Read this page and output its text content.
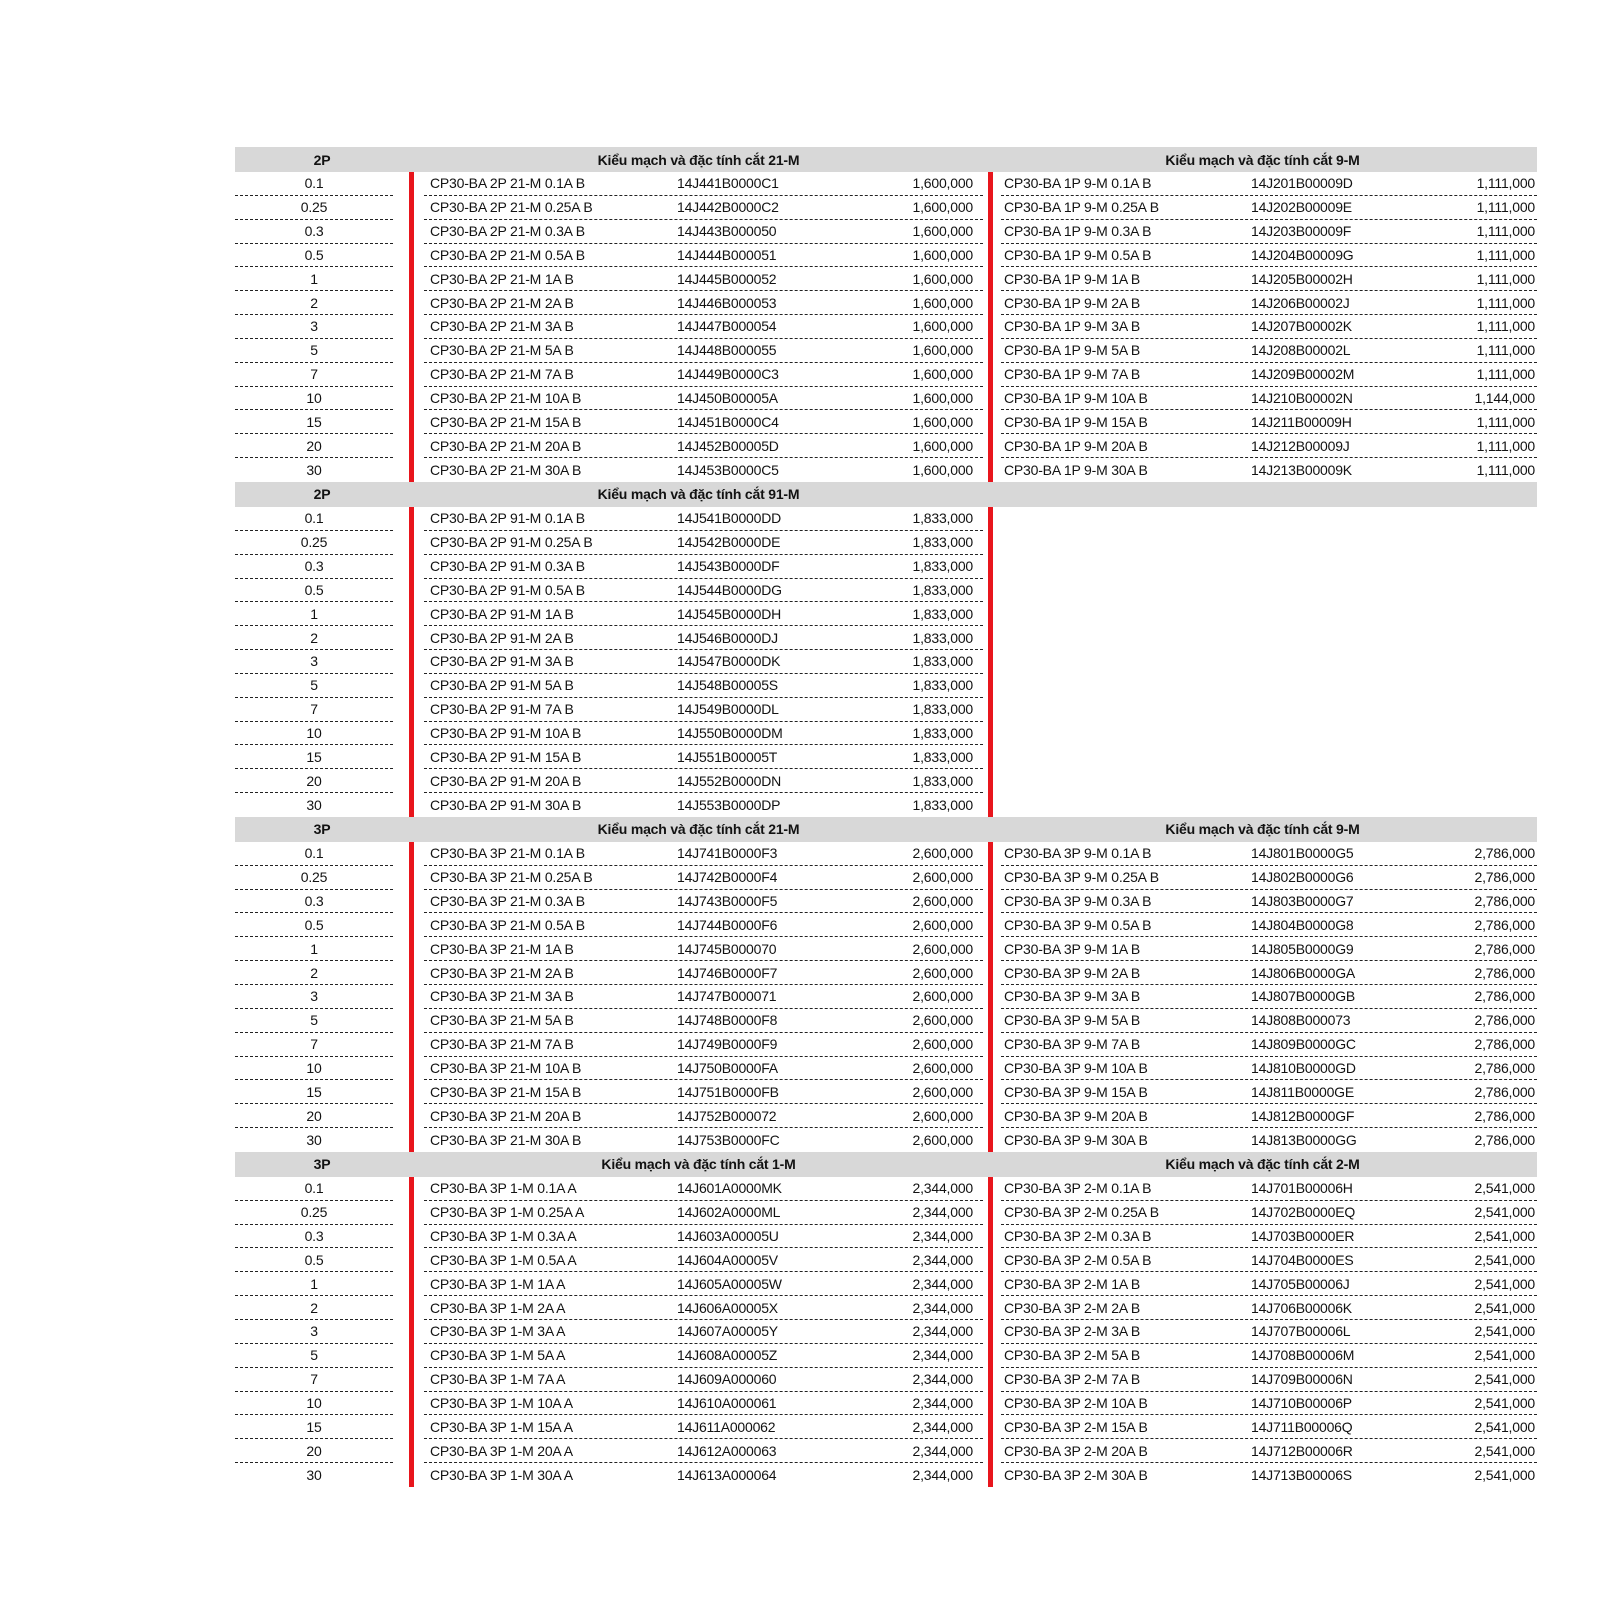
2P	Kiểu mạch và đặc tính cắt 21-M	Kiểu mạch và đặc tính cắt 9-M
0.1	CP30-BA 2P 21-M 0.1A B	14J441B0000C1	1,600,000 CP30-BA 1P 9-M 0.1A B	14J201B00009D	1,111,000
0.25	CP30-BA 2P 21-M 0.25A B	14J442B0000C2	1,600,000 CP30-BA 1P 9-M 0.25A B	14J202B00009E	1,111,000
0.3	CP30-BA 2P 21-M 0.3A B	14J443B000050	1,600,000 CP30-BA 1P 9-M 0.3A B	14J203B00009F	1,111,000
0.5	CP30-BA 2P 21-M 0.5A B	14J444B000051	1,600,000 CP30-BA 1P 9-M 0.5A B	14J204B00009G	1,111,000
1	CP30-BA 2P 21-M 1A B	14J445B000052	1,600,000 CP30-BA 1P 9-M 1A B	14J205B00002H	1,111,000
2	CP30-BA 2P 21-M 2A B	14J446B000053	1,600,000 CP30-BA 1P 9-M 2A B	14J206B00002J	1,111,000
3	CP30-BA 2P 21-M 3A B	14J447B000054	1,600,000 CP30-BA 1P 9-M 3A B	14J207B00002K	1,111,000
5	CP30-BA 2P 21-M 5A B	14J448B000055	1,600,000 CP30-BA 1P 9-M 5A B	14J208B00002L	1,111,000
7	CP30-BA 2P 21-M 7A B	14J449B0000C3	1,600,000 CP30-BA 1P 9-M 7A B	14J209B00002M	1,111,000
10	CP30-BA 2P 21-M 10A B	14J450B00005A	1,600,000 CP30-BA 1P 9-M 10A B	14J210B00002N	1,144,000
15	CP30-BA 2P 21-M 15A B	14J451B0000C4	1,600,000 CP30-BA 1P 9-M 15A B	14J211B00009H	1,111,000
20	CP30-BA 2P 21-M 20A B	14J452B00005D	1,600,000 CP30-BA 1P 9-M 20A B	14J212B00009J	1,111,000
30	CP30-BA 2P 21-M 30A B	14J453B0000C5	1,600,000 CP30-BA 1P 9-M 30A B	14J213B00009K	1,111,000
2P	Kiểu mạch và đặc tính cắt 91-M
0.1	CP30-BA 2P 91-M 0.1A B	14J541B0000DD	1,833,000
0.25	CP30-BA 2P 91-M 0.25A B	14J542B0000DE	1,833,000
0.3	CP30-BA 2P 91-M 0.3A B	14J543B0000DF	1,833,000
0.5	CP30-BA 2P 91-M 0.5A B	14J544B0000DG	1,833,000
1	CP30-BA 2P 91-M 1A B	14J545B0000DH	1,833,000
2	CP30-BA 2P 91-M 2A B	14J546B0000DJ	1,833,000
3	CP30-BA 2P 91-M 3A B	14J547B0000DK	1,833,000
5	CP30-BA 2P 91-M 5A B	14J548B00005S	1,833,000
7	CP30-BA 2P 91-M 7A B	14J549B0000DL	1,833,000
10	CP30-BA 2P 91-M 10A B	14J550B0000DM	1,833,000
15	CP30-BA 2P 91-M 15A B	14J551B00005T	1,833,000
20	CP30-BA 2P 91-M 20A B	14J552B0000DN	1,833,000
30	CP30-BA 2P 91-M 30A B	14J553B0000DP	1,833,000
3P	Kiểu mạch và đặc tính cắt 21-M	Kiểu mạch và đặc tính cắt 9-M
0.1	CP30-BA 3P 21-M 0.1A B	14J741B0000F3	2,600,000 CP30-BA 3P 9-M 0.1A B	14J801B0000G5	2,786,000
0.25	CP30-BA 3P 21-M 0.25A B	14J742B0000F4	2,600,000 CP30-BA 3P 9-M 0.25A B	14J802B0000G6	2,786,000
0.3	CP30-BA 3P 21-M 0.3A B	14J743B0000F5	2,600,000 CP30-BA 3P 9-M 0.3A B	14J803B0000G7	2,786,000
0.5	CP30-BA 3P 21-M 0.5A B	14J744B0000F6	2,600,000 CP30-BA 3P 9-M 0.5A B	14J804B0000G8	2,786,000
1	CP30-BA 3P 21-M 1A B	14J745B000070	2,600,000 CP30-BA 3P 9-M 1A B	14J805B0000G9	2,786,000
2	CP30-BA 3P 21-M 2A B	14J746B0000F7	2,600,000 CP30-BA 3P 9-M 2A B	14J806B0000GA	2,786,000
3	CP30-BA 3P 21-M 3A B	14J747B000071	2,600,000 CP30-BA 3P 9-M 3A B	14J807B0000GB	2,786,000
5	CP30-BA 3P 21-M 5A B	14J748B0000F8	2,600,000 CP30-BA 3P 9-M 5A B	14J808B000073	2,786,000
7	CP30-BA 3P 21-M 7A B	14J749B0000F9	2,600,000 CP30-BA 3P 9-M 7A B	14J809B0000GC	2,786,000
10	CP30-BA 3P 21-M 10A B	14J750B0000FA	2,600,000 CP30-BA 3P 9-M 10A B	14J810B0000GD	2,786,000
15	CP30-BA 3P 21-M 15A B	14J751B0000FB	2,600,000 CP30-BA 3P 9-M 15A B	14J811B0000GE	2,786,000
20	CP30-BA 3P 21-M 20A B	14J752B000072	2,600,000 CP30-BA 3P 9-M 20A B	14J812B0000GF	2,786,000
30	CP30-BA 3P 21-M 30A B	14J753B0000FC	2,600,000 CP30-BA 3P 9-M 30A B	14J813B0000GG	2,786,000
3P	Kiểu mạch và đặc tính cắt 1-M	Kiểu mạch và đặc tính cắt 2-M
0.1	CP30-BA 3P 1-M 0.1A A	14J601A0000MK	2,344,000 CP30-BA 3P 2-M 0.1A B	14J701B00006H	2,541,000
0.25	CP30-BA 3P 1-M 0.25A A	14J602A0000ML	2,344,000 CP30-BA 3P 2-M 0.25A B	14J702B0000EQ	2,541,000
0.3	CP30-BA 3P 1-M 0.3A A	14J603A00005U	2,344,000 CP30-BA 3P 2-M 0.3A B	14J703B0000ER	2,541,000
0.5	CP30-BA 3P 1-M 0.5A A	14J604A00005V	2,344,000 CP30-BA 3P 2-M 0.5A B	14J704B0000ES	2,541,000
1	CP30-BA 3P 1-M 1A A	14J605A00005W	2,344,000 CP30-BA 3P 2-M 1A B	14J705B00006J	2,541,000
2	CP30-BA 3P 1-M 2A A	14J606A00005X	2,344,000 CP30-BA 3P 2-M 2A B	14J706B00006K	2,541,000
3	CP30-BA 3P 1-M 3A A	14J607A00005Y	2,344,000 CP30-BA 3P 2-M 3A B	14J707B00006L	2,541,000
5	CP30-BA 3P 1-M 5A A	14J608A00005Z	2,344,000 CP30-BA 3P 2-M 5A B	14J708B00006M	2,541,000
7	CP30-BA 3P 1-M 7A A	14J609A000060	2,344,000 CP30-BA 3P 2-M 7A B	14J709B00006N	2,541,000
10	CP30-BA 3P 1-M 10A A	14J610A000061	2,344,000 CP30-BA 3P 2-M 10A B	14J710B00006P	2,541,000
15	CP30-BA 3P 1-M 15A A	14J611A000062	2,344,000 CP30-BA 3P 2-M 15A B	14J711B00006Q	2,541,000
20	CP30-BA 3P 1-M 20A A	14J612A000063	2,344,000 CP30-BA 3P 2-M 20A B	14J712B00006R	2,541,000
30	CP30-BA 3P 1-M 30A A	14J613A000064	2,344,000 CP30-BA 3P 2-M 30A B	14J713B00006S	2,541,000
